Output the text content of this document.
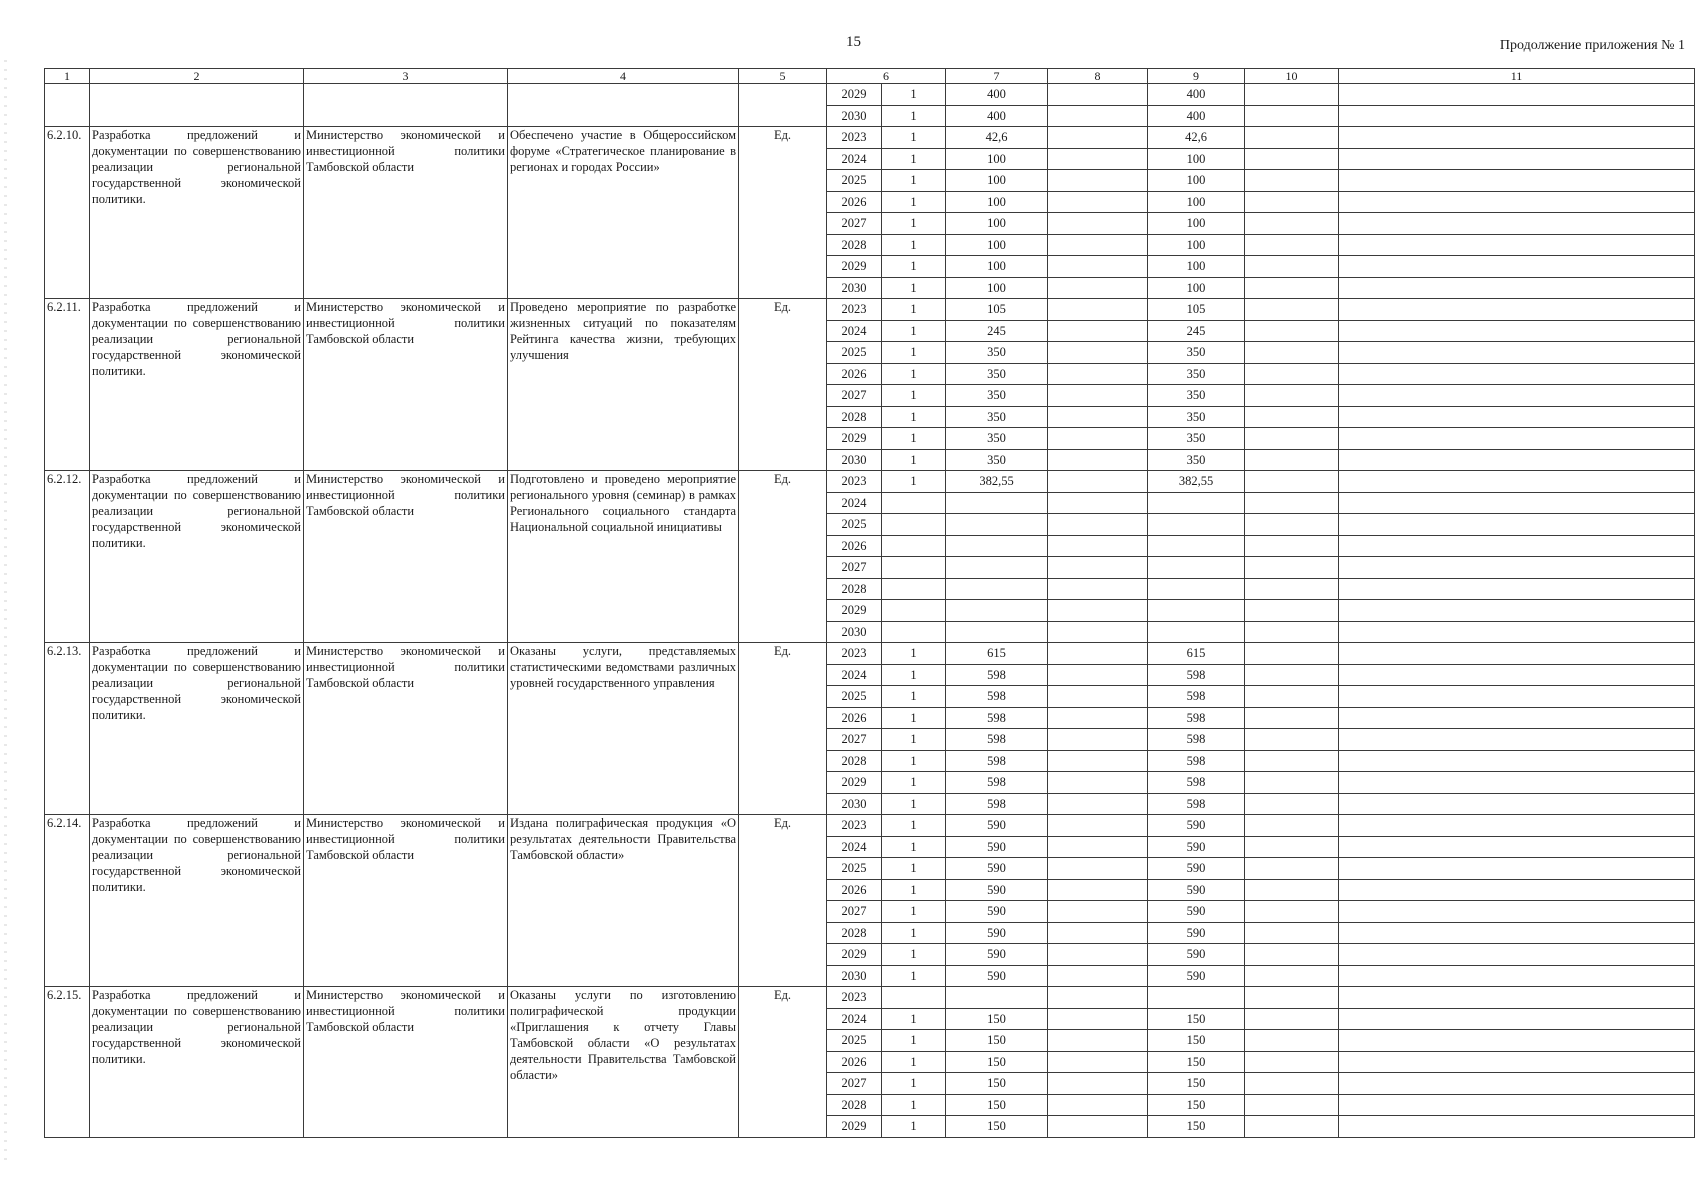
15	Продолжение приложения № 1
1	2	3	4	5	6		7	8	9	10	11
					2029	1	400		400		
					2030	1	400		400		
6.2.10.	Разработка предложений и документации по совершенствованию реализации региональной государственной экономической политики.	Министерство экономической и инвестиционной политики Тамбовской области	Обеспечено участие в Общероссийском форуме «Стратегическое планирование в регионах и городах России»	Ед.	2023	1	42,6		42,6		
					2024	1	100		100		
					2025	1	100		100		
					2026	1	100		100		
					2027	1	100		100		
					2028	1	100		100		
					2029	1	100		100		
					2030	1	100		100		
6.2.11.	Разработка предложений и документации по совершенствованию реализации региональной государственной экономической политики.	Министерство экономической и инвестиционной политики Тамбовской области	Проведено мероприятие по разработке жизненных ситуаций по показателям Рейтинга качества жизни, требующих улучшения	Ед.	2023	1	105		105		
					2024	1	245		245		
					2025	1	350		350		
					2026	1	350		350		
					2027	1	350		350		
					2028	1	350		350		
					2029	1	350		350		
					2030	1	350		350		
6.2.12.	Разработка предложений и документации по совершенствованию реализации региональной государственной экономической политики.	Министерство экономической и инвестиционной политики Тамбовской области	Подготовлено и проведено мероприятие регионального уровня (семинар) в рамках Регионального социального стандарта Национальной социальной инициативы	Ед.	2023	1	382,55		382,55		
					2024						
					2025						
					2026						
					2027						
					2028						
					2029						
					2030						
6.2.13.	Разработка предложений и документации по совершенствованию реализации региональной государственной экономической политики.	Министерство экономической и инвестиционной политики Тамбовской области	Оказаны услуги, представляемых статистическими ведомствами различных уровней государственного управления	Ед.	2023	1	615		615		
					2024	1	598		598		
					2025	1	598		598		
					2026	1	598		598		
					2027	1	598		598		
					2028	1	598		598		
					2029	1	598		598		
					2030	1	598		598		
6.2.14.	Разработка предложений и документации по совершенствованию реализации региональной государственной экономической политики.	Министерство экономической и инвестиционной политики Тамбовской области	Издана полиграфическая продукция «О результатах деятельности Правительства Тамбовской области»	Ед.	2023	1	590		590		
					2024	1	590		590		
					2025	1	590		590		
					2026	1	590		590		
					2027	1	590		590		
					2028	1	590		590		
					2029	1	590		590		
					2030	1	590		590		
6.2.15.	Разработка предложений и документации по совершенствованию реализации региональной государственной экономической политики.	Министерство экономической и инвестиционной политики Тамбовской области	Оказаны услуги по изготовлению полиграфической продукции «Приглашения к отчету Главы Тамбовской области «О результатах деятельности Правительства Тамбовской области»	Ед.	2023						
					2024	1	150		150		
					2025	1	150		150		
					2026	1	150		150		
					2027	1	150		150		
					2028	1	150		150		
					2029	1	150		150		
